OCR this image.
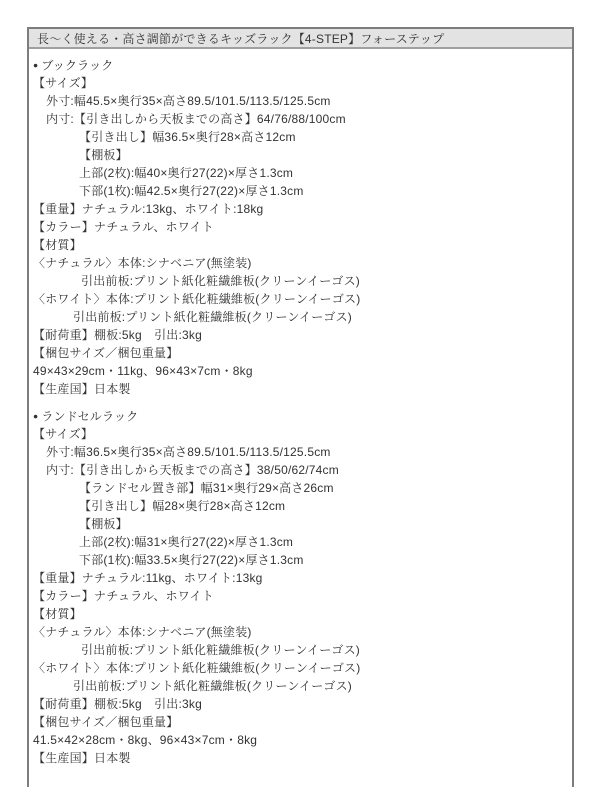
長〜く使える・高さ調節ができるキッズラック【4-STEP】フォーステップ
● ブックラック
【サイズ】
外寸:幅45.5×奥行35×高さ89.5/101.5/113.5/125.5cm
内寸:【引き出しから天板までの高さ】64/76/88/100cm
【引き出し】幅36.5×奥行28×高さ12cm
【棚板】
上部(2枚):幅40×奥行27(22)×厚さ1.3cm
下部(1枚):幅42.5×奥行27(22)×厚さ1.3cm
【重量】ナチュラル:13kg、ホワイト:18kg
【カラー】ナチュラル、ホワイト
【材質】
〈ナチュラル〉本体:シナベニア(無塗装)
引出前板:プリント紙化粧繊維板(クリーンイーゴス)
〈ホワイト〉本体:プリント紙化粧繊維板(クリーンイーゴス)
引出前板:プリント紙化粧繊維板(クリーンイーゴス)
【耐荷重】棚板:5kg　引出:3kg
【梱包サイズ／梱包重量】
49×43×29cm・11kg、96×43×7cm・8kg
【生産国】日本製
● ランドセルラック
【サイズ】
外寸:幅36.5×奥行35×高さ89.5/101.5/113.5/125.5cm
内寸:【引き出しから天板までの高さ】38/50/62/74cm
【ランドセル置き部】幅31×奥行29×高さ26cm
【引き出し】幅28×奥行28×高さ12cm
【棚板】
上部(2枚):幅31×奥行27(22)×厚さ1.3cm
下部(1枚):幅33.5×奥行27(22)×厚さ1.3cm
【重量】ナチュラル:11kg、ホワイト:13kg
【カラー】ナチュラル、ホワイト
【材質】
〈ナチュラル〉本体:シナベニア(無塗装)
引出前板:プリント紙化粧繊維板(クリーンイーゴス)
〈ホワイト〉本体:プリント紙化粧繊維板(クリーンイーゴス)
引出前板:プリント紙化粧繊維板(クリーンイーゴス)
【耐荷重】棚板:5kg　引出:3kg
【梱包サイズ／梱包重量】
41.5×42×28cm・8kg、96×43×7cm・8kg
【生産国】日本製
